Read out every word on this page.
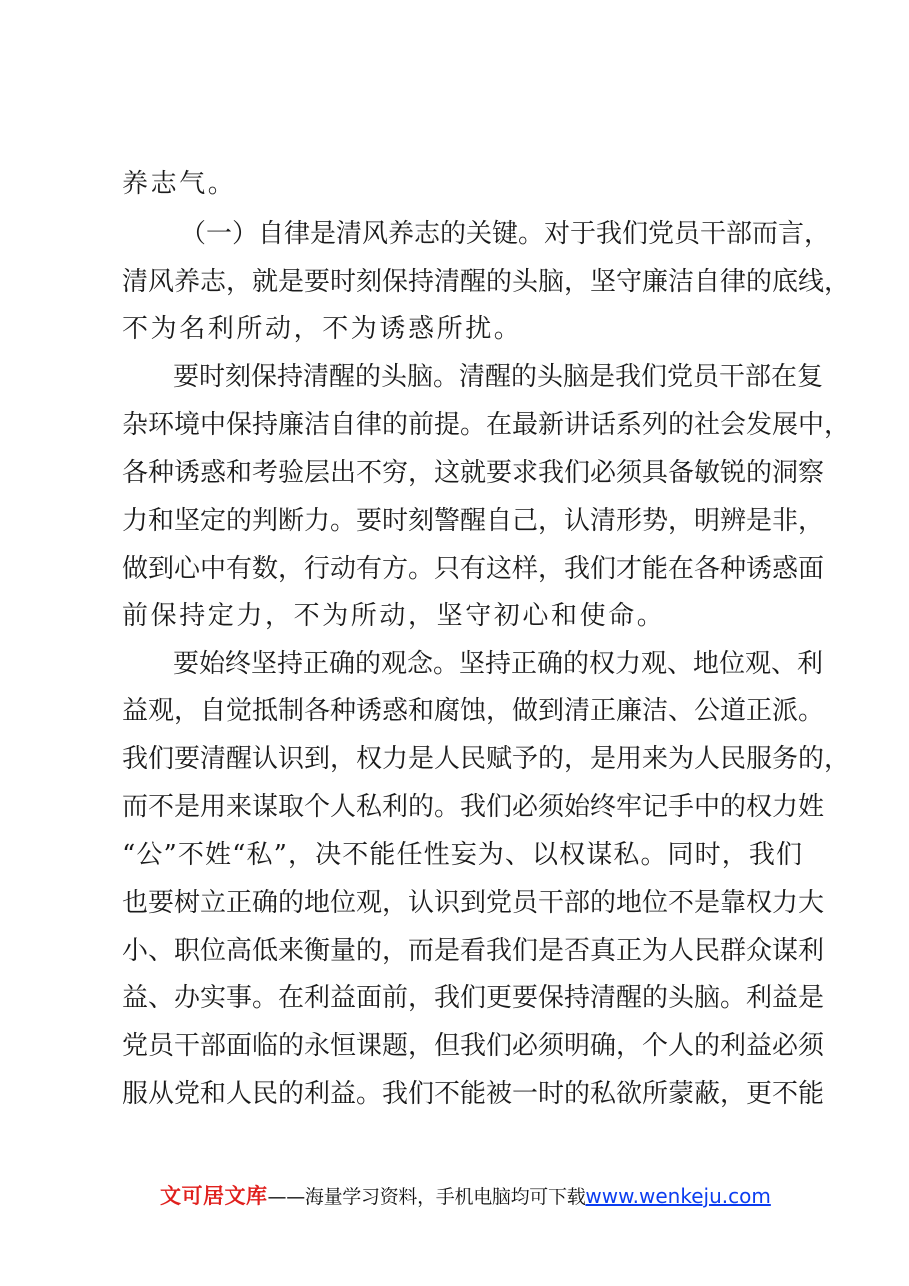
养志气。
（一）自律是清风养志的关键。对于我们党员干部而言，
清风养志，就是要时刻保持清醒的头脑，坚守廉洁自律的底线，
不为名利所动，不为诱惑所扰。
要时刻保持清醒的头脑。清醒的头脑是我们党员干部在复
杂环境中保持廉洁自律的前提。在最新讲话系列的社会发展中，
各种诱惑和考验层出不穷，这就要求我们必须具备敏锐的洞察
力和坚定的判断力。要时刻警醒自己，认清形势，明辨是非，
做到心中有数，行动有方。只有这样，我们才能在各种诱惑面
前保持定力，不为所动，坚守初心和使命。
要始终坚持正确的观念。坚持正确的权力观、地位观、利
益观，自觉抵制各种诱惑和腐蚀，做到清正廉洁、公道正派。
我们要清醒认识到，权力是人民赋予的，是用来为人民服务的，
而不是用来谋取个人私利的。我们必须始终牢记手中的权力姓
“公”不姓“私”，决不能任性妄为、以权谋私。同时，我们
也要树立正确的地位观，认识到党员干部的地位不是靠权力大
小、职位高低来衡量的，而是看我们是否真正为人民群众谋利
益、办实事。在利益面前，我们更要保持清醒的头脑。利益是
党员干部面临的永恒课题，但我们必须明确，个人的利益必须
服从党和人民的利益。我们不能被一时的私欲所蒙蔽，更不能
文可居文库——海量学习资料，手机电脑均可下载www.wenkeju.com
